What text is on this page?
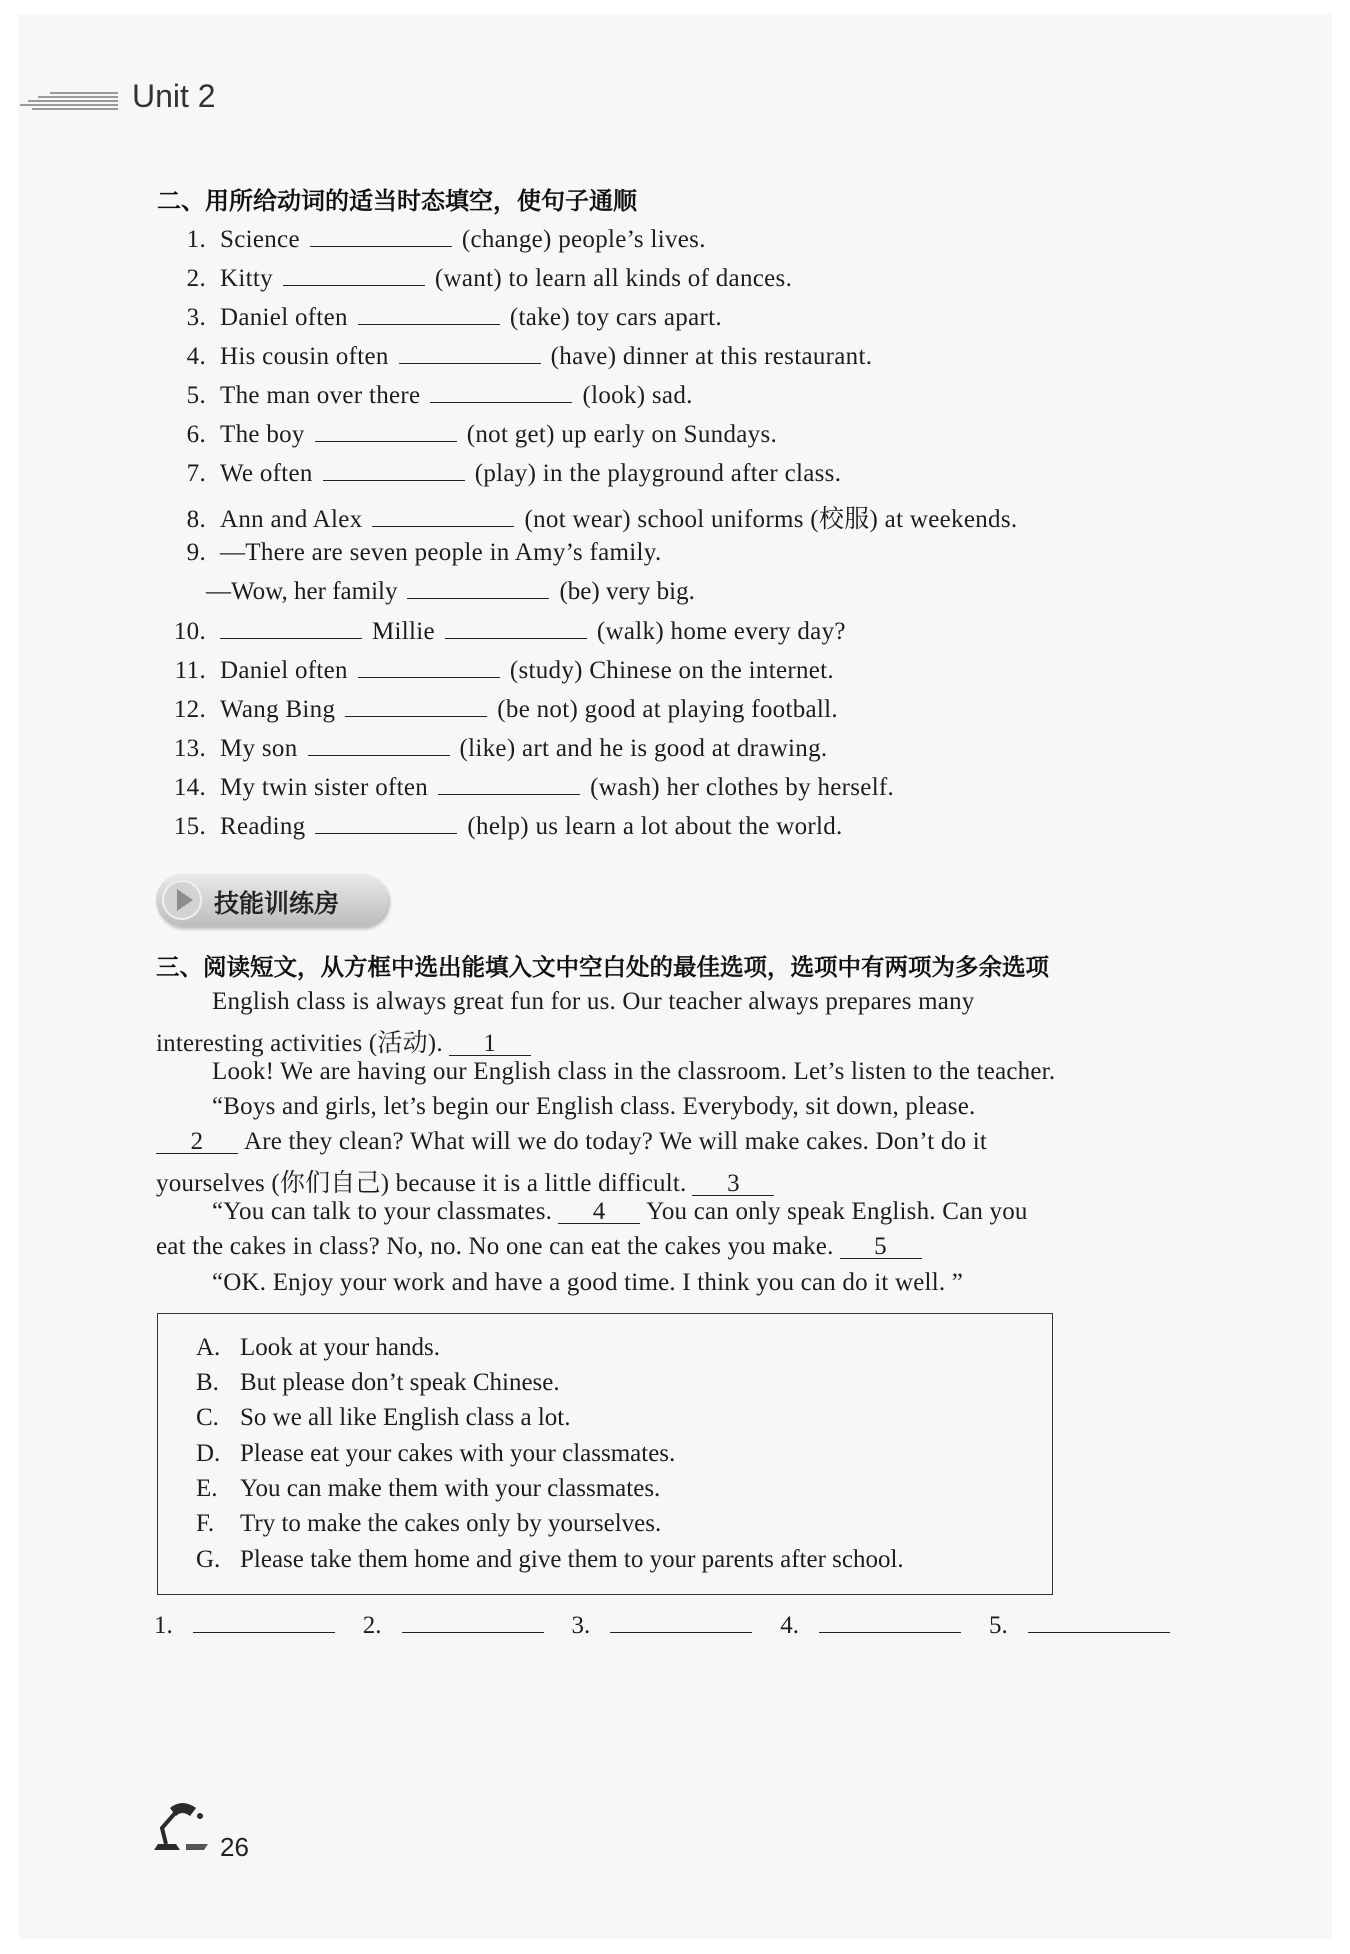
Unit 2
二、用所给动词的适当时态填空，使句子通顺
1. Science	(change) people’s lives.
2. Kitty	(want) to learn all kinds of dances.
3. Daniel often	(take) toy cars apart.
4. His cousin often	(have) dinner at this restaurant.
5. The man over there	(look) sad.
6. The boy	(not get) up early on Sundays.
7. We often	(play) in the playground after class.
8. Ann and Alex	(not wear) school uniforms (校服) at weekends.
9. —There are seven people in Amy’s family.
—Wow, her family	(be) very big.
10.	Millie	(walk) home every day?
11. Daniel often	(study) Chinese on the internet.
12. Wang Bing	(be not) good at playing football.
13. My son	(like) art and he is good at drawing.
14. My twin sister often	(wash) her clothes by herself.
15. Reading	(help) us learn a lot about the world.
技能训练房
三、阅读短文，从方框中选出能填入文中空白处的最佳选项，选项中有两项为多余选项
English class is always great fun for us. Our teacher always prepares many
interesting activities (活动). 1
Look! We are having our English class in the classroom. Let’s listen to the teacher.
“Boys and girls, let’s begin our English class. Everybody, sit down, please.
2 Are they clean? What will we do today? We will make cakes. Don’t do it
yourselves (你们自己) because it is a little difficult. 3
“You can talk to your classmates. 4 You can only speak English. Can you
eat the cakes in class? No, no. No one can eat the cakes you make. 5
“OK. Enjoy your work and have a good time. I think you can do it well. ”
A. Look at your hands.
B. But please don’t speak Chinese.
C. So we all like English class a lot.
D. Please eat your cakes with your classmates.
E. You can make them with your classmates.
F. Try to make the cakes only by yourselves.
G. Please take them home and give them to your parents after school.
1.	2.	3.	4.	5.
26
